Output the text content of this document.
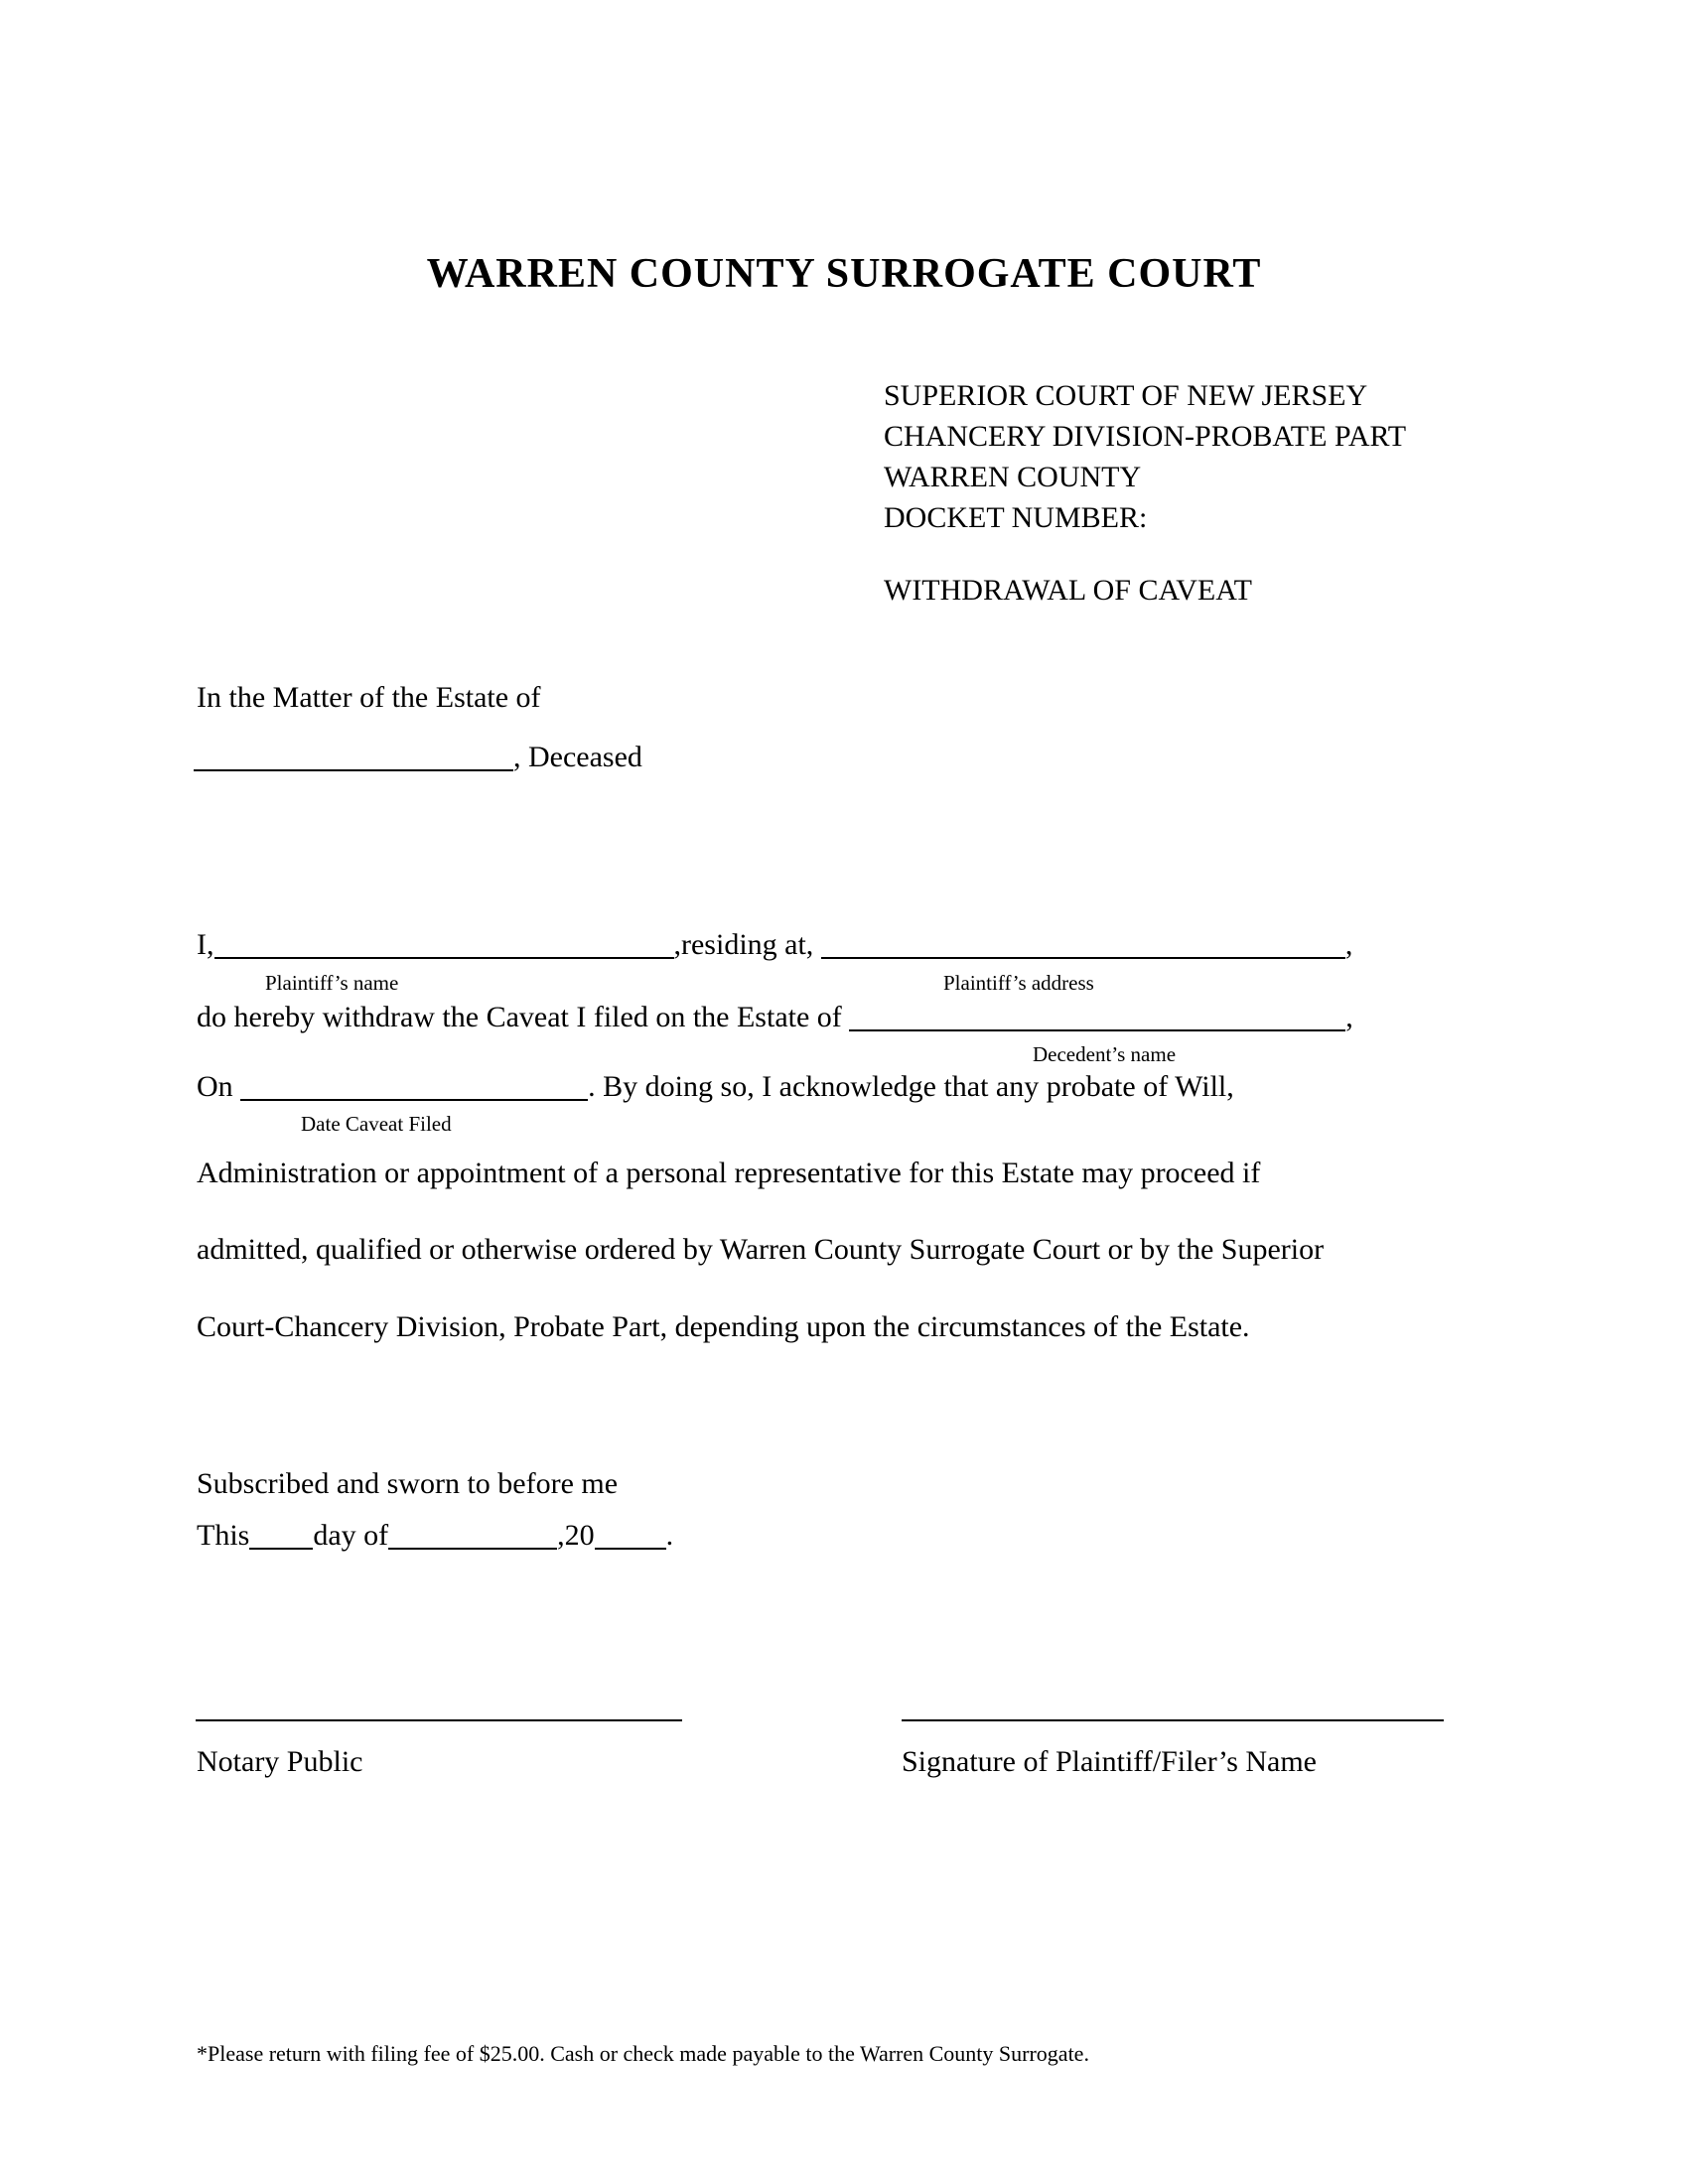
WARREN COUNTY SURROGATE COURT
SUPERIOR COURT OF NEW JERSEY
CHANCERY DIVISION-PROBATE PART
WARREN COUNTY
DOCKET NUMBER:
WITHDRAWAL OF CAVEAT
In the Matter of the Estate of
, Deceased
I,	,residing at,	,
Plaintiff’s name	Plaintiff’s address
do hereby withdraw the Caveat I filed on the Estate of	,
Decedent’s name
On	. By doing so, I acknowledge that any probate of Will,
Date Caveat Filed
Administration or appointment of a personal representative for this Estate may proceed if
admitted, qualified or otherwise ordered by Warren County Surrogate Court or by the Superior
Court-Chancery Division, Probate Part, depending upon the circumstances of the Estate.
Subscribed and sworn to before me
This day of	,20 .
Notary Public	Signature of Plaintiff/Filer’s Name
*Please return with filing fee of $25.00. Cash or check made payable to the Warren County Surrogate.
